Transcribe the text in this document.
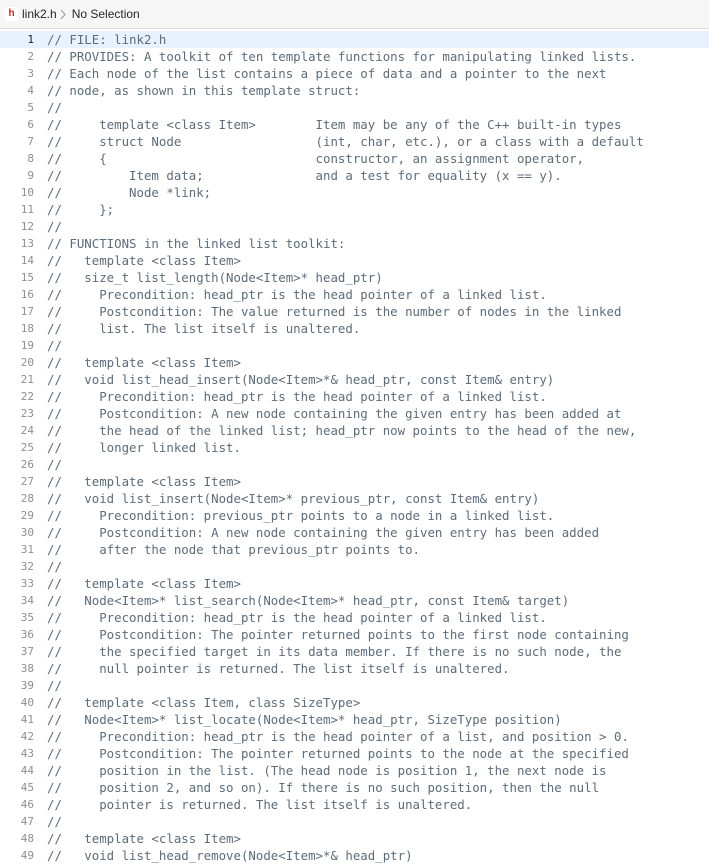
h link2.h No Selection
1 // FILE: link2.h
2 // PROVIDES: A toolkit of ten template functions for manipulating linked lists.
3 // Each node of the list contains a piece of data and a pointer to the next
4 // node, as shown in this template struct:
5 //
6 //     template <class Item>        Item may be any of the C++ built-in types
7 //     struct Node                  (int, char, etc.), or a class with a default
8 //     {                            constructor, an assignment operator,
9 //         Item data;               and a test for equality (x == y).
10 //         Node *link;
11 //     };
12 //
13 // FUNCTIONS in the linked list toolkit:
14 //   template <class Item>
15 //   size_t list_length(Node<Item>* head_ptr)
16 //     Precondition: head_ptr is the head pointer of a linked list.
17 //     Postcondition: The value returned is the number of nodes in the linked
18 //     list. The list itself is unaltered.
19 //
20 //   template <class Item>
21 //   void list_head_insert(Node<Item>*& head_ptr, const Item& entry)
22 //     Precondition: head_ptr is the head pointer of a linked list.
23 //     Postcondition: A new node containing the given entry has been added at
24 //     the head of the linked list; head_ptr now points to the head of the new,
25 //     longer linked list.
26 //
27 //   template <class Item>
28 //   void list_insert(Node<Item>* previous_ptr, const Item& entry)
29 //     Precondition: previous_ptr points to a node in a linked list.
30 //     Postcondition: A new node containing the given entry has been added
31 //     after the node that previous_ptr points to.
32 //
33 //   template <class Item>
34 //   Node<Item>* list_search(Node<Item>* head_ptr, const Item& target)
35 //     Precondition: head_ptr is the head pointer of a linked list.
36 //     Postcondition: The pointer returned points to the first node containing
37 //     the specified target in its data member. If there is no such node, the
38 //     null pointer is returned. The list itself is unaltered.
39 //
40 //   template <class Item, class SizeType>
41 //   Node<Item>* list_locate(Node<Item>* head_ptr, SizeType position)
42 //     Precondition: head_ptr is the head pointer of a list, and position > 0.
43 //     Postcondition: The pointer returned points to the node at the specified
44 //     position in the list. (The head node is position 1, the next node is
45 //     position 2, and so on). If there is no such position, then the null
46 //     pointer is returned. The list itself is unaltered.
47 //
48 //   template <class Item>
49 //   void list_head_remove(Node<Item>*& head_ptr)
